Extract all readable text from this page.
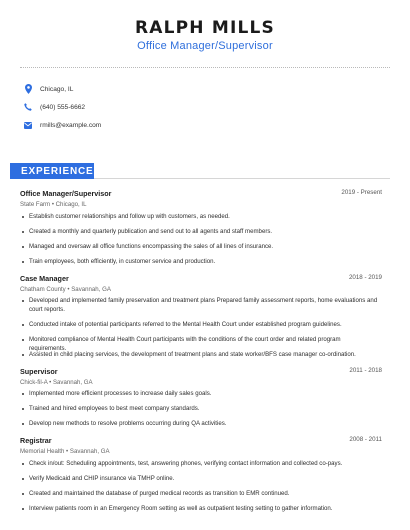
RALPH MILLS
Office Manager/Supervisor
Chicago, IL
(640) 555-6662
rmills@example.com
EXPERIENCE
Office Manager/Supervisor	2019 - Present
State Farm • Chicago, IL
Establish customer relationships and follow up with customers, as needed.
Created a monthly and quarterly publication and send out to all agents and staff members.
Managed and oversaw all office functions encompassing the sales of all lines of insurance.
Train employees, both efficiently, in customer service and production.
Case Manager	2018 - 2019
Chatham County • Savannah, GA
Developed and implemented family preservation and treatment plans Prepared family assessment reports, home evaluations and court reports.
Conducted intake of potential participants referred to the Mental Health Court under established program guidelines.
Monitored compliance of Mental Health Court participants with the conditions of the court order and related program requirements.
Assisted in child placing services, the development of treatment plans and state worker/BFS case manager co-ordination.
Supervisor	2011 - 2018
Chick-fil-A • Savannah, GA
Implemented more efficient processes to increase daily sales goals.
Trained and hired employees to best meet company standards.
Develop new methods to resolve problems occurring during QA activities.
Registrar	2008 - 2011
Memorial Health • Savannah, GA
Check in/out: Scheduling appointments, test, answering phones, verifying contact information and collected co-pays.
Verify Medicaid and CHIP insurance via TMHP online.
Created and maintained the database of purged medical records as transition to EMR continued.
Interview patients room in an Emergency Room setting as well as outpatient testing setting to gather information.
